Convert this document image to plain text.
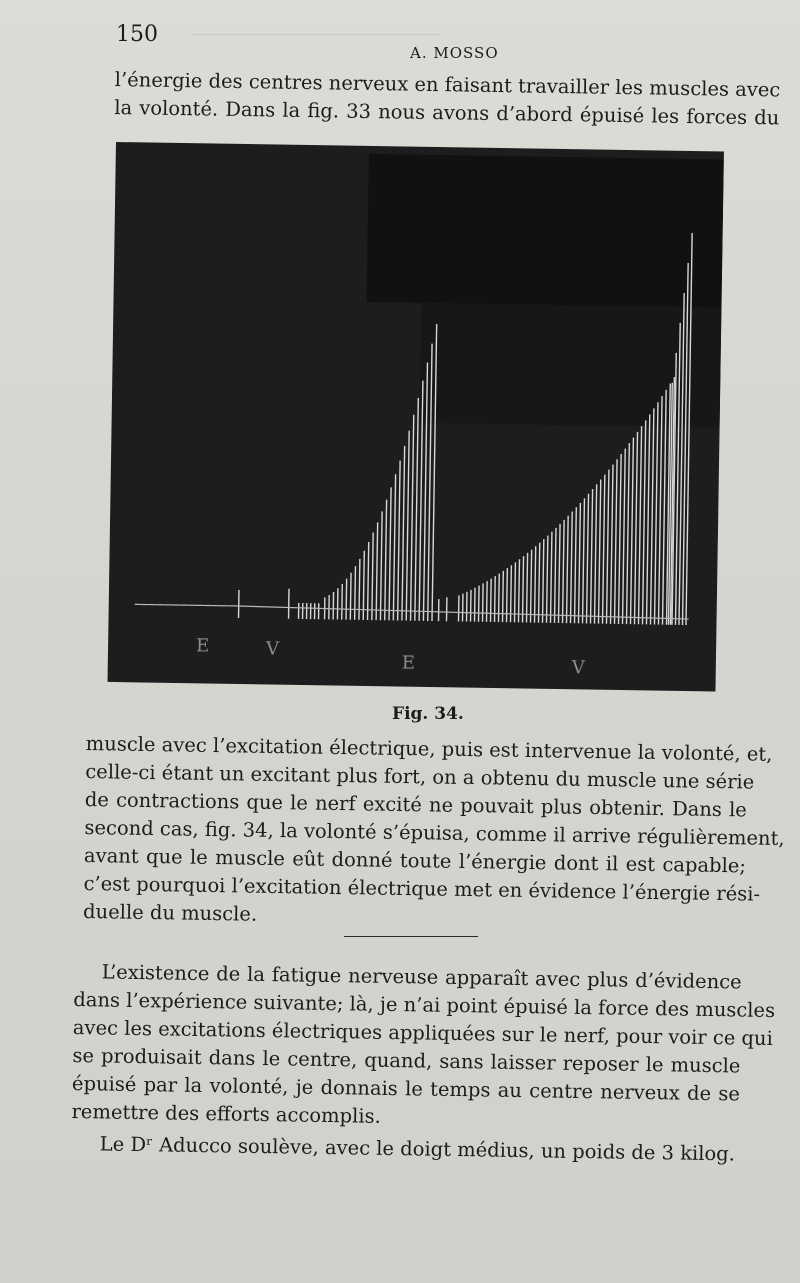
150
A. MOSSO

l’énergie des centres nerveux en faisant travailler les muscles avec
la volonté. Dans la fig. 33 nous avons d’abord épuisé les forces du

E	V
E	V
Fig. 34.

muscle avec l’excitation électrique, puis est intervenue la volonté, et,
celle-ci étant un excitant plus fort, on a obtenu du muscle une série
de contractions que le nerf excité ne pouvait plus obtenir. Dans le
second cas, fig. 34, la volonté s’épuisa, comme il arrive régulièrement,
avant que le muscle eût donné toute l’énergie dont il est capable;
c’est pourquoi l’excitation électrique met en évidence l’énergie rési-
duelle du muscle.

L’existence de la fatigue nerveuse apparaît avec plus d’évidence
dans l’expérience suivante; là, je n’ai point épuisé la force des muscles
avec les excitations électriques appliquées sur le nerf, pour voir ce qui
se produisait dans le centre, quand, sans laisser reposer le muscle
épuisé par la volonté, je donnais le temps au centre nerveux de se
remettre des efforts accomplis.

Le Dʳ Aducco soulève, avec le doigt médius, un poids de 3 kilog.
